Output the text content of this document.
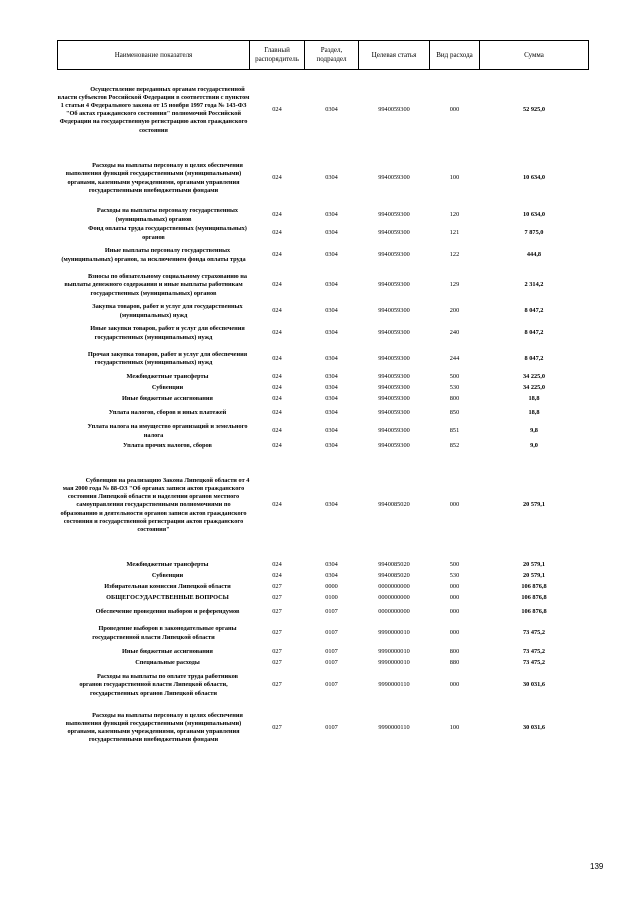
Наименование показателя	Главный распорядитель	Раздел, подраздел	Целевая статья	Вид расхода	Сумма
Осуществление переданных органам государственной власти субъектов Российской Федерации в соответствии с пунктом 1 статьи 4 Федерального закона от 15 ноября 1997 года № 143-ФЗ "Об актах гражданского состояния" полномочий Российской Федерации на государственную регистрацию актов гражданского состояния	024	0304	9940059300	000	52 925,0
Расходы на выплаты персоналу в целях обеспечения выполнения функций государственными (муниципальными) органами, казенными учреждениями, органами управления государственными внебюджетными фондами	024	0304	9940059300	100	10 634,0
Расходы на выплаты персоналу государственных (муниципальных) органов	024	0304	9940059300	120	10 634,0
Фонд оплаты труда государственных (муниципальных) органов	024	0304	9940059300	121	7 875,0
Иные выплаты персоналу государственных (муниципальных) органов, за исключением фонда оплаты труда	024	0304	9940059300	122	444,8
Взносы по обязательному социальному страхованию на выплаты денежного содержания и иные выплаты работникам государственных (муниципальных) органов	024	0304	9940059300	129	2 314,2
Закупка товаров, работ и услуг для государственных (муниципальных) нужд	024	0304	9940059300	200	8 047,2
Иные закупки товаров, работ и услуг для обеспечения государственных (муниципальных) нужд	024	0304	9940059300	240	8 047,2
Прочая закупка товаров, работ и услуг для обеспечения государственных (муниципальных) нужд	024	0304	9940059300	244	8 047,2
Межбюджетные трансферты	024	0304	9940059300	500	34 225,0
Субвенции	024	0304	9940059300	530	34 225,0
Иные бюджетные ассигнования	024	0304	9940059300	800	18,8
Уплата налогов, сборов и иных платежей	024	0304	9940059300	850	18,8
Уплата налога на имущество организаций и земельного налога	024	0304	9940059300	851	9,8
Уплата прочих налогов, сборов	024	0304	9940059300	852	9,0
Субвенции на реализацию Закона Липецкой области от 4 мая 2000 года № 88-ОЗ "Об органах записи актов гражданского состояния Липецкой области и наделении органов местного самоуправления государственными полномочиями по образованию и деятельности органов записи актов гражданского состояния и государственной регистрации актов гражданского состояния"	024	0304	9940085020	000	20 579,1
Межбюджетные трансферты	024	0304	9940085020	500	20 579,1
Субвенции	024	0304	9940085020	530	20 579,1
Избирательная комиссия Липецкой области	027	0000	0000000000	000	106 876,8
ОБЩЕГОСУДАРСТВЕННЫЕ ВОПРОСЫ	027	0100	0000000000	000	106 876,8
Обеспечение проведения выборов и референдумов	027	0107	0000000000	000	106 876,8
Проведение выборов в законодательные органы государственной власти Липецкой области	027	0107	9990000010	000	73 475,2
Иные бюджетные ассигнования	027	0107	9990000010	800	73 475,2
Специальные расходы	027	0107	9990000010	880	73 475,2
Расходы на выплаты по оплате труда работников органов государственной власти Липецкой области, государственных органов Липецкой области	027	0107	9990000110	000	30 031,6
Расходы на выплаты персоналу в целях обеспечения выполнения функций государственными (муниципальными) органами, казенными учреждениями, органами управления государственными внебюджетными фондами	027	0107	9990000110	100	30 031,6
139
